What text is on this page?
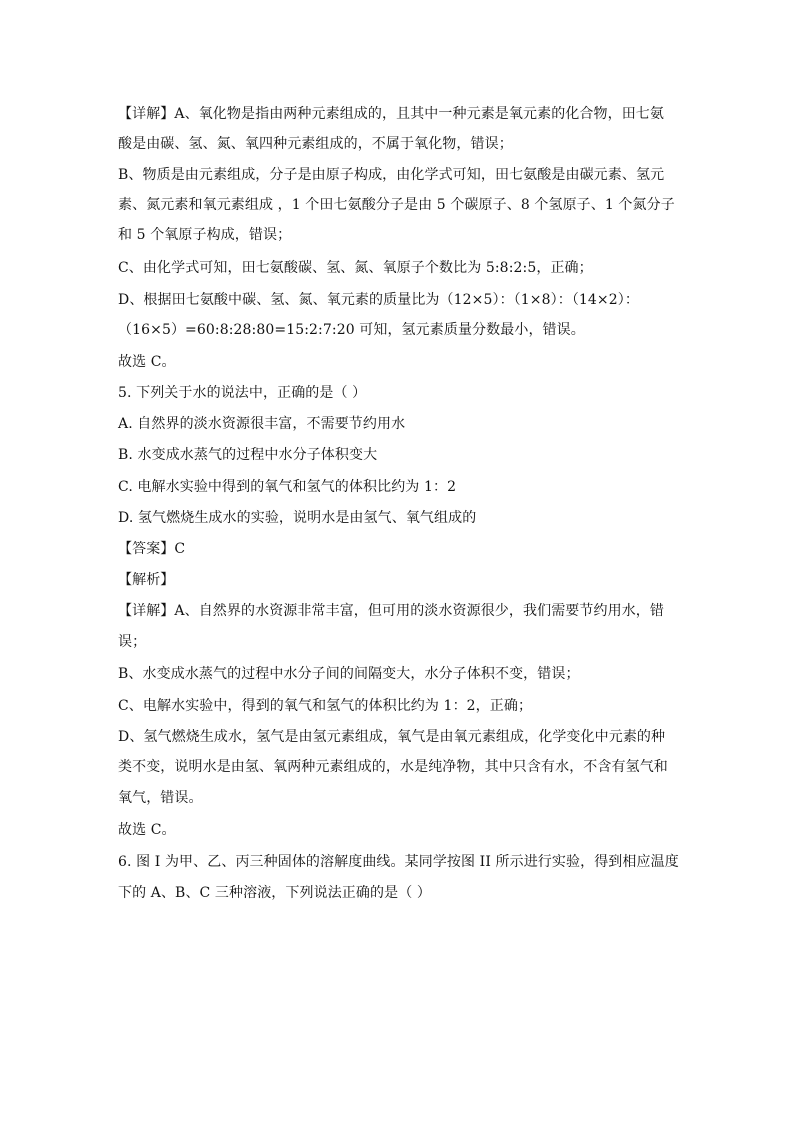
【详解】A、氧化物是指由两种元素组成的，且其中一种元素是氧元素的化合物，田七氨
酸是由碳、氢、氮、氧四种元素组成的，不属于氧化物，错误；
B、物质是由元素组成，分子是由原子构成，由化学式可知，田七氨酸是由碳元素、氢元
素、氮元素和氧元素组成 ，1 个田七氨酸分子是由 5 个碳原子、8 个氢原子、1 个氮分子
和 5 个氧原子构成，错误；
C、由化学式可知，田七氨酸碳、氢、氮、氧原子个数比为 5:8:2:5，正确；
D、根据田七氨酸中碳、氢、氮、氧元素的质量比为（12×5）：（1×8）：（14×2）：
（16×5）=60:8:28:80=15:2:7:20 可知，氢元素质量分数最小，错误。
故选 C。
5. 下列关于水的说法中，正确的是（ ）
A. 自然界的淡水资源很丰富，不需要节约用水
B. 水变成水蒸气的过程中水分子体积变大
C. 电解水实验中得到的氧气和氢气的体积比约为 1：2
D. 氢气燃烧生成水的实验，说明水是由氢气、氧气组成的
【答案】C
【解析】
【详解】A、自然界的水资源非常丰富，但可用的淡水资源很少，我们需要节约用水，错
误；
B、水变成水蒸气的过程中水分子间的间隔变大，水分子体积不变，错误；
C、电解水实验中，得到的氧气和氢气的体积比约为 1：2，正确；
D、氢气燃烧生成水，氢气是由氢元素组成，氧气是由氧元素组成，化学变化中元素的种
类不变，说明水是由氢、氧两种元素组成的，水是纯净物，其中只含有水，不含有氢气和
氧气，错误。
故选 C。
6. 图 I 为甲、乙、丙三种固体的溶解度曲线。某同学按图 II 所示进行实验，得到相应温度
下的 A、B、C 三种溶液，下列说法正确的是（ ）
